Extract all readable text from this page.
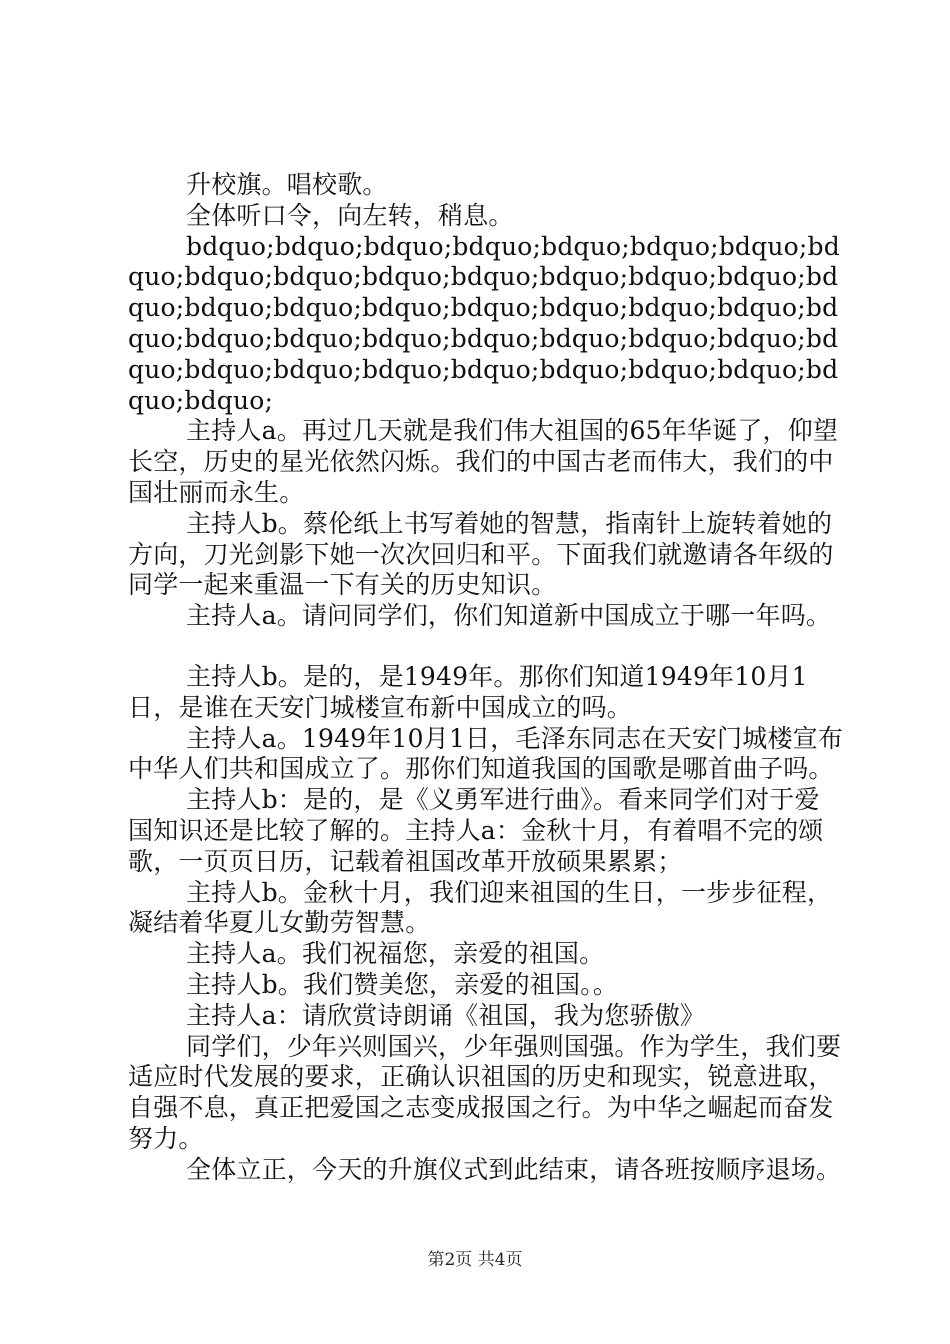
升校旗。唱校歌。

全体听口令，向左转，稍息。

bdquo;bdquo;bdquo;bdquo;bdquo;bdquo;bdquo;bdquo;bdquo;bdquo;bdquo;bdquo;bdquo;bdquo;bdquo;bdquo;bdquo;bdquo;bdquo;bdquo;bdquo;bdquo;bdquo;bdquo;bdquo;bdquo;bdquo;bdquo;bdquo;bdquo;bdquo;bdquo;bdquo;bdquo;bdquo;bdquo;bdquo;bdquo;bdquo;bdquo;bdquo;

主持人a。再过几天就是我们伟大祖国的65年华诞了，仰望长空，历史的星光依然闪烁。我们的中国古老而伟大，我们的中国壮丽而永生。

主持人b。蔡伦纸上书写着她的智慧，指南针上旋转着她的方向，刀光剑影下她一次次回归和平。下面我们就邀请各年级的同学一起来重温一下有关的历史知识。

主持人a。请问同学们，你们知道新中国成立于哪一年吗。

主持人b。是的，是1949年。那你们知道1949年10月1日，是谁在天安门城楼宣布新中国成立的吗。

主持人a。1949年10月1日，毛泽东同志在天安门城楼宣布中华人们共和国成立了。那你们知道我国的国歌是哪首曲子吗。

主持人b：是的，是《义勇军进行曲》。看来同学们对于爱国知识还是比较了解的。主持人a：金秋十月，有着唱不完的颂歌，一页页日历，记载着祖国改革开放硕果累累；

主持人b。金秋十月，我们迎来祖国的生日，一步步征程，凝结着华夏儿女勤劳智慧。

主持人a。我们祝福您，亲爱的祖国。

主持人b。我们赞美您，亲爱的祖国。。

主持人a：请欣赏诗朗诵《祖国，我为您骄傲》

同学们，少年兴则国兴，少年强则国强。作为学生，我们要适应时代发展的要求，正确认识祖国的历史和现实，锐意进取，自强不息，真正把爱国之志变成报国之行。为中华之崛起而奋发努力。

全体立正，今天的升旗仪式到此结束，请各班按顺序退场。

第2页 共4页
